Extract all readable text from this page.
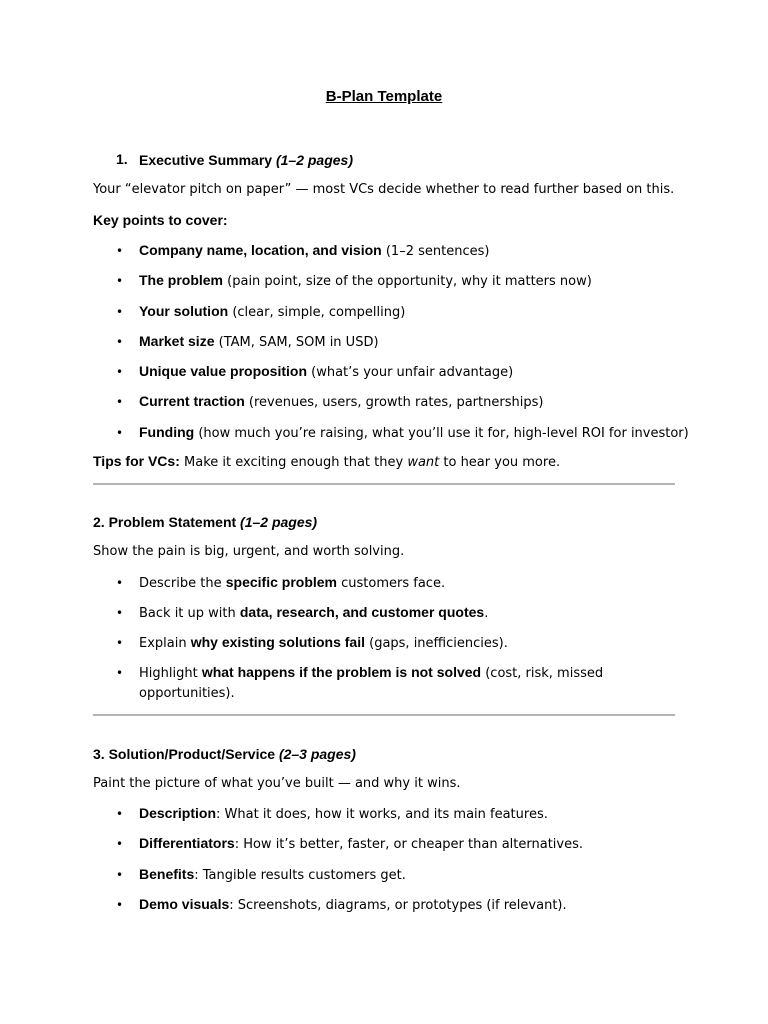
B-Plan Template
1. Executive Summary (1–2 pages)
Your “elevator pitch on paper” — most VCs decide whether to read further based on this.
Key points to cover:
• Company name, location, and vision (1–2 sentences)
• The problem (pain point, size of the opportunity, why it matters now)
• Your solution (clear, simple, compelling)
• Market size (TAM, SAM, SOM in USD)
• Unique value proposition (what’s your unfair advantage)
• Current traction (revenues, users, growth rates, partnerships)
• Funding (how much you’re raising, what you’ll use it for, high-level ROI for investor)
Tips for VCs: Make it exciting enough that they want to hear you more.
2. Problem Statement (1–2 pages)
Show the pain is big, urgent, and worth solving.
• Describe the specific problem customers face.
• Back it up with data, research, and customer quotes.
• Explain why existing solutions fail (gaps, inefficiencies).
• Highlight what happens if the problem is not solved (cost, risk, missed
opportunities).
3. Solution/Product/Service (2–3 pages)
Paint the picture of what you’ve built — and why it wins.
• Description: What it does, how it works, and its main features.
• Differentiators: How it’s better, faster, or cheaper than alternatives.
• Benefits: Tangible results customers get.
• Demo visuals: Screenshots, diagrams, or prototypes (if relevant).
